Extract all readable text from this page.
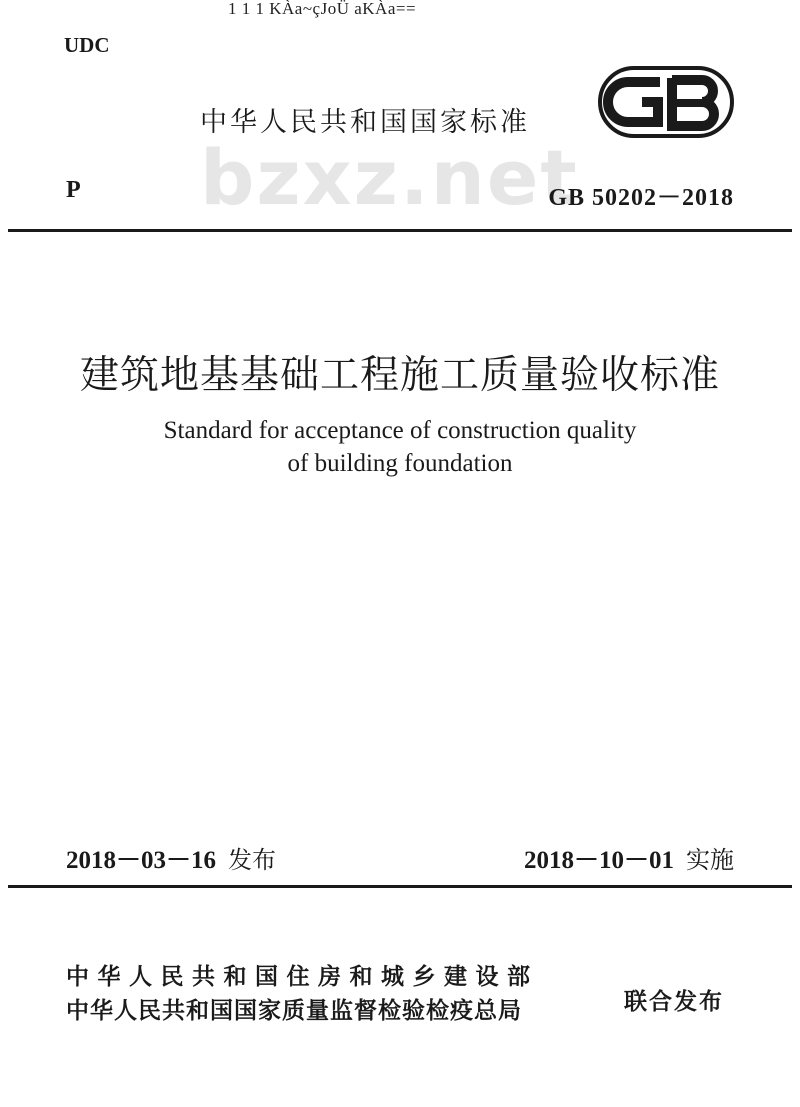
1 1 1 KÀa~çJoÜ aKÀa==
UDC
中华人民共和国国家标准
bzxz.net
P	GB 50202－2018
建筑地基基础工程施工质量验收标准
Standard for acceptance of construction quality
of building foundation
2018－03－16 发布	2018－10－01 实施
中华人民共和国住房和城乡建设部
中华人民共和国国家质量监督检验检疫总局	联合发布
